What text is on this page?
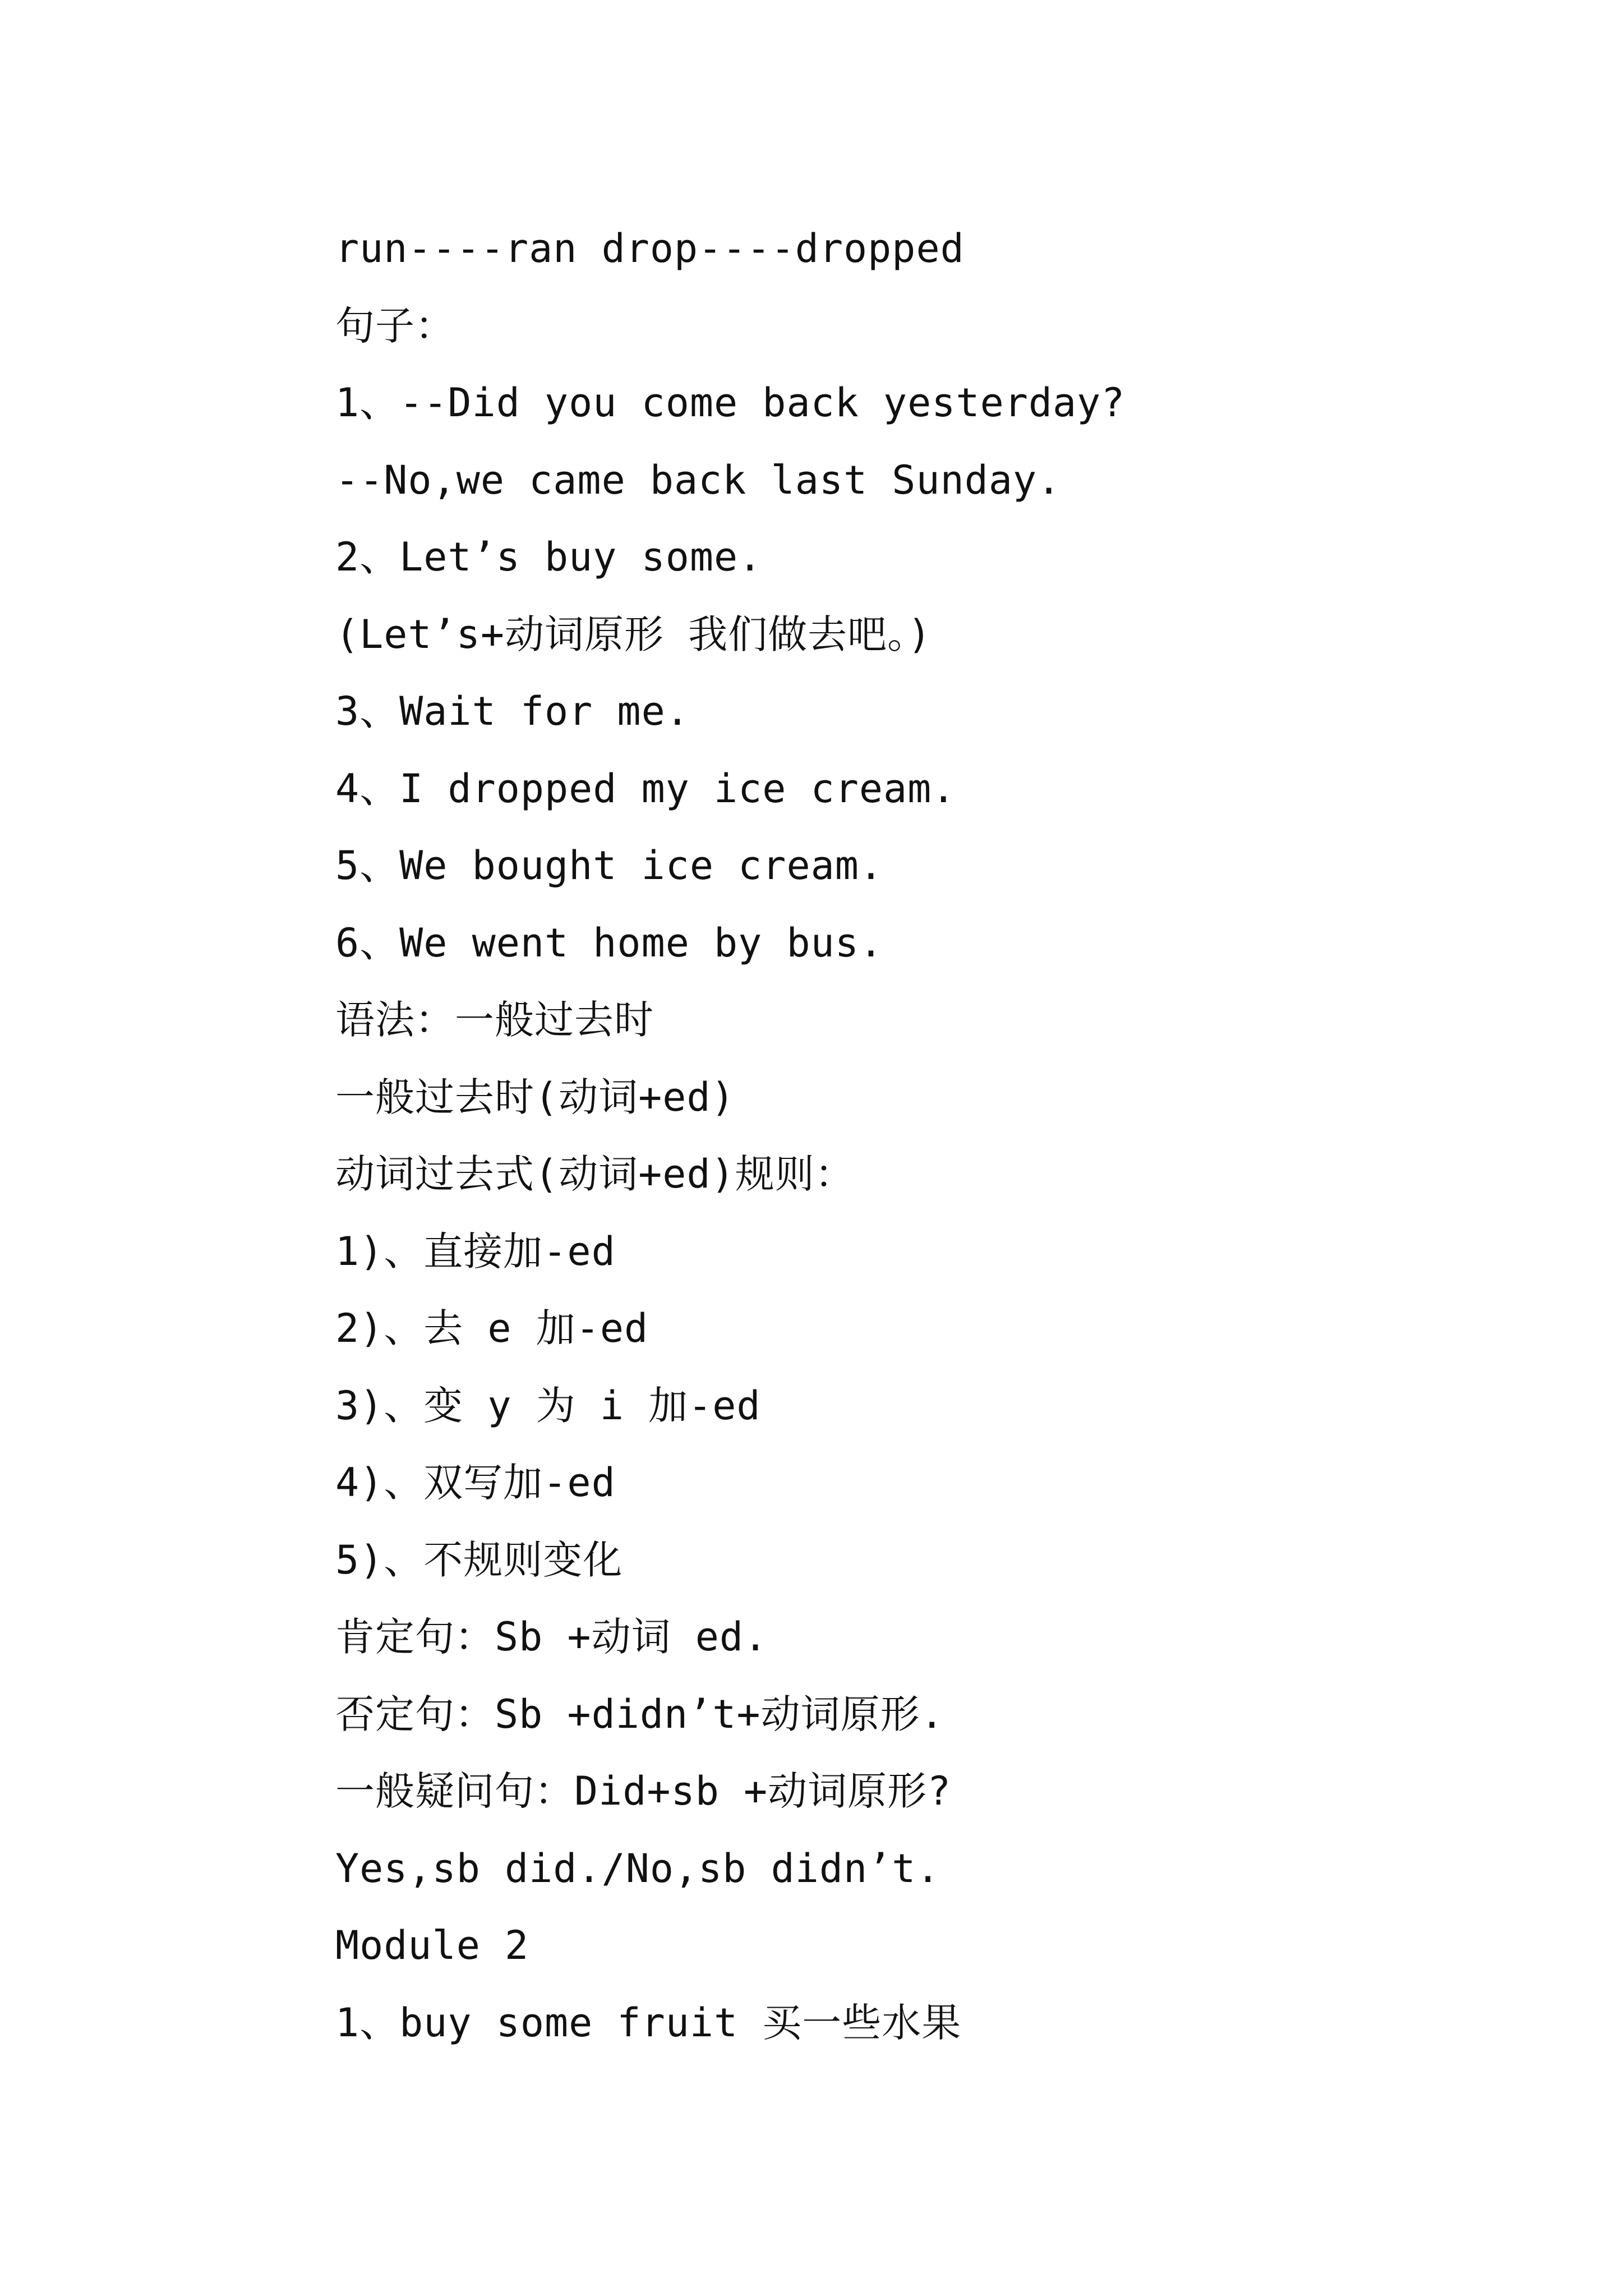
run----ran drop----dropped
句子：
1、--Did you come back yesterday?
--No,we came back last Sunday.
2、Let’s buy some.
(Let’s+动词原形 我们做去吧。)
3、Wait for me.
4、I dropped my ice cream.
5、We bought ice cream.
6、We went home by bus.
语法：一般过去时
一般过去时(动词+ed)
动词过去式(动词+ed)规则：
1)、直接加-ed
2)、去 e 加-ed
3)、变 y 为 i 加-ed
4)、双写加-ed
5)、不规则变化
肯定句：Sb +动词 ed.
否定句：Sb +didn’t+动词原形.
一般疑问句：Did+sb +动词原形?
Yes,sb did./No,sb didn’t.
Module 2
1、buy some fruit 买一些水果
